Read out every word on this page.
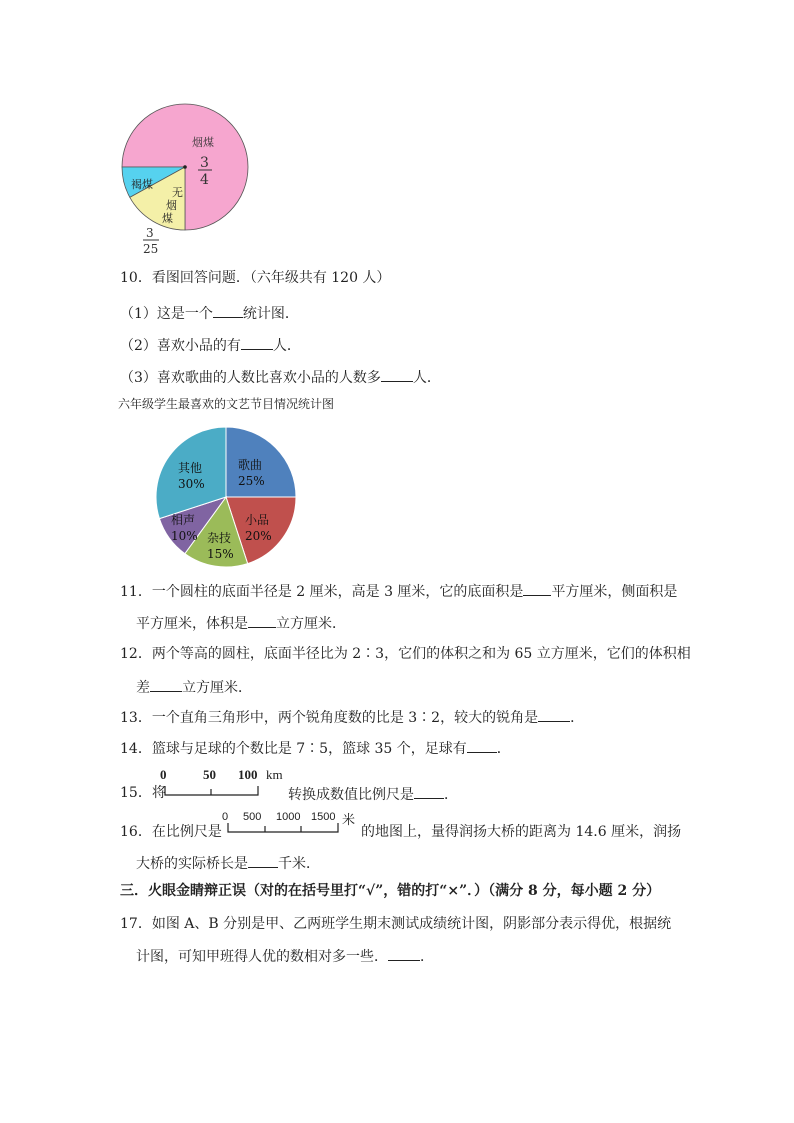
烟煤
3
4
褐煤
无
烟
煤
3
25
10．看图回答问题．（六年级共有 120 人）
（1）这是一个 统计图．
（2）喜欢小品的有 人．
（3）喜欢歌曲的人数比喜欢小品的人数多 人．
六年级学生最喜欢的文艺节目情况统计图
歌曲
25%
小品
20%
杂技
15%
相声
10%
其他
30%
11．一个圆柱的底面半径是 2 厘米，高是 3 厘米，它的底面积是 平方厘米，侧面积是
平方厘米，体积是 立方厘米．
12．两个等高的圆柱，底面半径比为 2∶3，它们的体积之和为 65 立方厘米，它们的体积相
差 立方厘米．
13．一个直角三角形中，两个锐角度数的比是 3∶2，较大的锐角是 ．
14．篮球与足球的个数比是 7∶5，篮球 35 个，足球有 ．
0	50 100 km
15．将	转换成数值比例尺是 ．
16．在比例尺是
0 500 1000 1500 米
的地图上，量得润扬大桥的距离为 14.6 厘米，润扬
大桥的实际桥长是 千米．
三．火眼金睛辩正误（对的在括号里打“√”，错的打“×”．）（满分 8 分，每小题 2 分）
17．如图 A、B 分别是甲、乙两班学生期末测试成绩统计图，阴影部分表示得优，根据统
计图，可知甲班得人优的数相对多一些． ．
